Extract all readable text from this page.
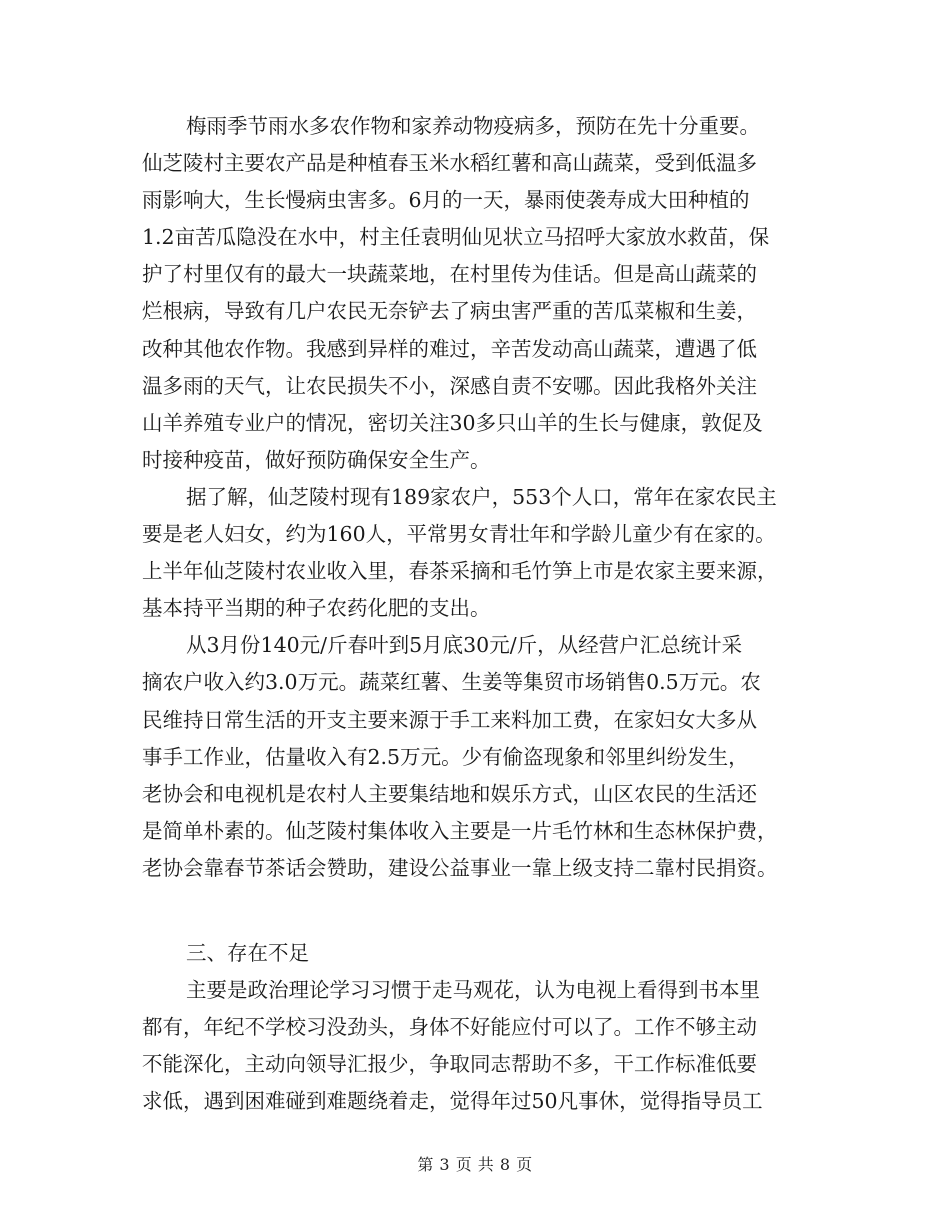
梅雨季节雨水多农作物和家养动物疫病多，预防在先十分重要。
仙芝陵村主要农产品是种植春玉米水稻红薯和高山蔬菜，受到低温多
雨影响大，生长慢病虫害多。6月的一天，暴雨使袭寿成大田种植的
1.2亩苦瓜隐没在水中，村主任袁明仙见状立马招呼大家放水救苗，保
护了村里仅有的最大一块蔬菜地，在村里传为佳话。但是高山蔬菜的
烂根病，导致有几户农民无奈铲去了病虫害严重的苦瓜菜椒和生姜，
改种其他农作物。我感到异样的难过，辛苦发动高山蔬菜，遭遇了低
温多雨的天气，让农民损失不小，深感自责不安哪。因此我格外关注
山羊养殖专业户的情况，密切关注30多只山羊的生长与健康，敦促及
时接种疫苗，做好预防确保安全生产。
据了解，仙芝陵村现有189家农户，553个人口，常年在家农民主
要是老人妇女，约为160人，平常男女青壮年和学龄儿童少有在家的。
上半年仙芝陵村农业收入里，春茶采摘和毛竹笋上市是农家主要来源，
基本持平当期的种子农药化肥的支出。
从3月份140元/斤春叶到5月底30元/斤，从经营户汇总统计采
摘农户收入约3.0万元。蔬菜红薯、生姜等集贸市场销售0.5万元。农
民维持日常生活的开支主要来源于手工来料加工费，在家妇女大多从
事手工作业，估量收入有2.5万元。少有偷盗现象和邻里纠纷发生，
老协会和电视机是农村人主要集结地和娱乐方式，山区农民的生活还
是简单朴素的。仙芝陵村集体收入主要是一片毛竹林和生态林保护费，
老协会靠春节茶话会赞助，建设公益事业一靠上级支持二靠村民捐资。
三、存在不足
主要是政治理论学习习惯于走马观花，认为电视上看得到书本里
都有，年纪不学校习没劲头，身体不好能应付可以了。工作不够主动
不能深化，主动向领导汇报少，争取同志帮助不多，干工作标准低要
求低，遇到困难碰到难题绕着走，觉得年过50凡事休，觉得指导员工
第 3 页 共 8 页
